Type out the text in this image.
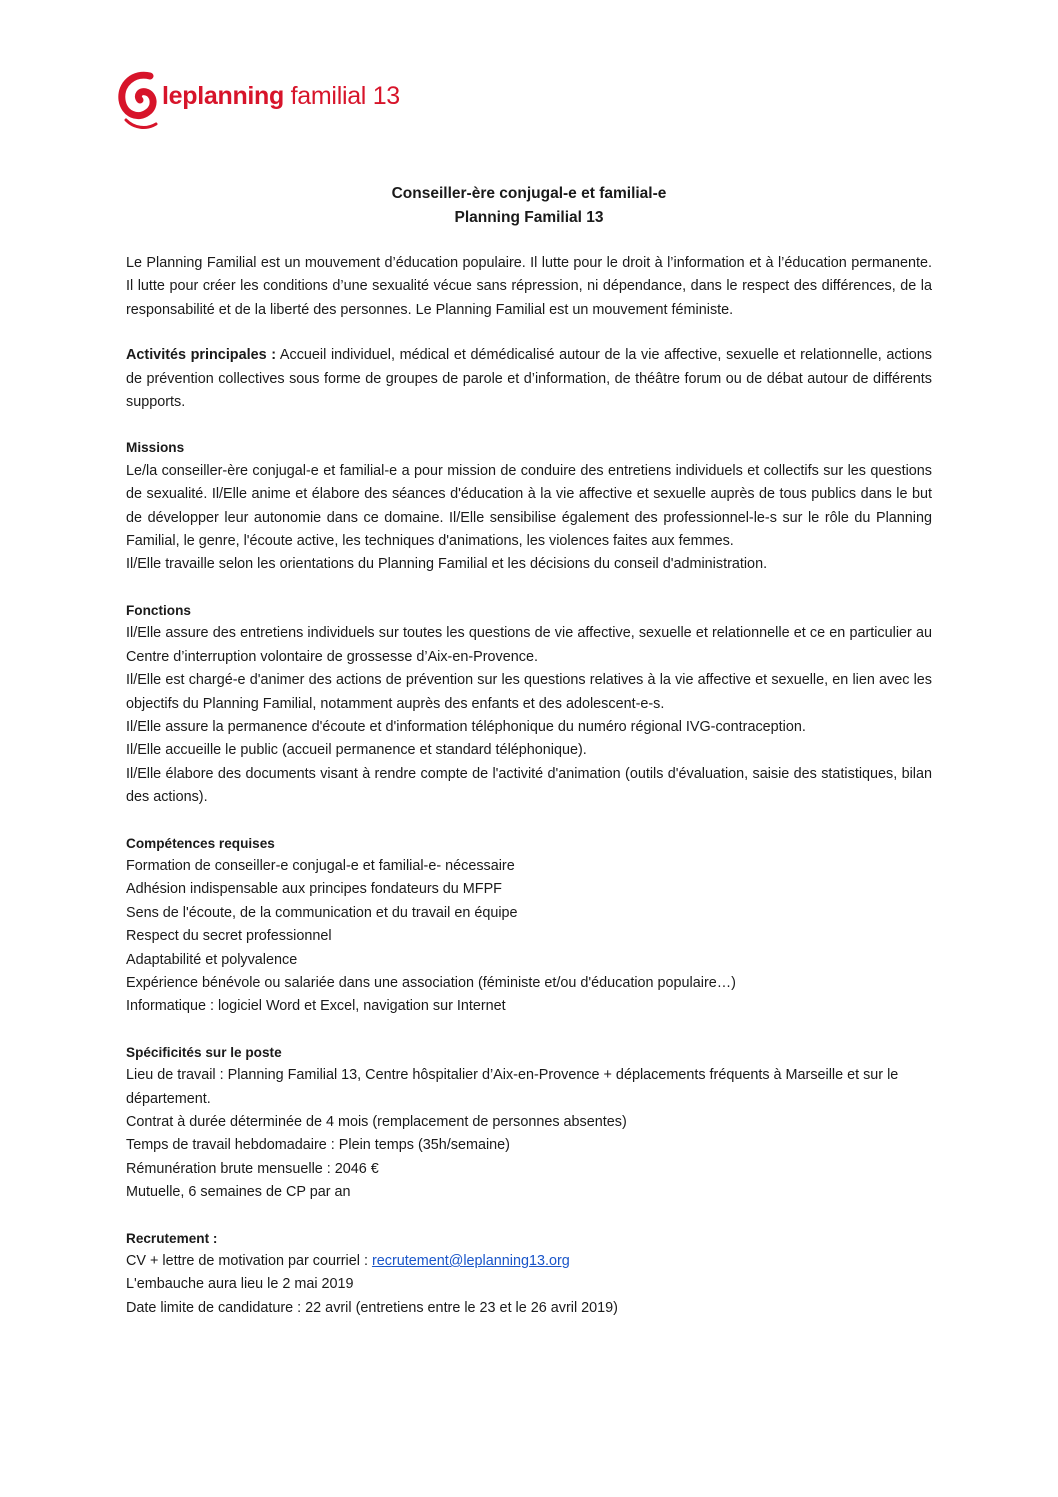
leplanning familial 13

Conseiller-ère conjugal-e et familial-e

Planning Familial 13

Le Planning Familial est un mouvement d’éducation populaire. Il lutte pour le droit à l’information et à l’éducation permanente. Il lutte pour créer les conditions d’une sexualité vécue sans répression, ni dépendance, dans le respect des différences, de la responsabilité et de la liberté des personnes. Le Planning Familial est un mouvement féministe.

Activités principales : Accueil individuel, médical et démédicalisé autour de la vie affective, sexuelle et relationnelle, actions de prévention collectives sous forme de groupes de parole et d’information, de théâtre forum ou de débat autour de différents supports.

Missions

Le/la conseiller-ère conjugal-e et familial-e a pour mission de conduire des entretiens individuels et collectifs sur les questions de sexualité. Il/Elle anime et élabore des séances d'éducation à la vie affective et sexuelle auprès de tous publics dans le but de développer leur autonomie dans ce domaine. Il/Elle sensibilise également des professionnel-le-s sur le rôle du Planning Familial, le genre, l'écoute active, les techniques d'animations, les violences faites aux femmes.

Il/Elle travaille selon les orientations du Planning Familial et les décisions du conseil d'administration.

Fonctions

Il/Elle assure des entretiens individuels sur toutes les questions de vie affective, sexuelle et relationnelle et ce en particulier au Centre d’interruption volontaire de grossesse d’Aix-en-Provence.

Il/Elle est chargé-e d'animer des actions de prévention sur les questions relatives à la vie affective et sexuelle, en lien avec les objectifs du Planning Familial, notamment auprès des enfants et des adolescent-e-s.

Il/Elle assure la permanence d'écoute et d'information téléphonique du numéro régional IVG-contraception.

Il/Elle accueille le public (accueil permanence et standard téléphonique).

Il/Elle élabore des documents visant à rendre compte de l'activité d'animation (outils d'évaluation, saisie des statistiques, bilan des actions).

Compétences requises

Formation de conseiller-e conjugal-e et familial-e- nécessaire

Adhésion indispensable aux principes fondateurs du MFPF

Sens de l'écoute, de la communication et du travail en équipe

Respect du secret professionnel

Adaptabilité et polyvalence

Expérience bénévole ou salariée dans une association (féministe et/ou d'éducation populaire…)

Informatique : logiciel Word et Excel, navigation sur Internet

Spécificités sur le poste

Lieu de travail : Planning Familial 13, Centre hôspitalier d’Aix-en-Provence + déplacements fréquents à Marseille et sur le département.

Contrat à durée déterminée de 4 mois (remplacement de personnes absentes)

Temps de travail hebdomadaire : Plein temps (35h/semaine)

Rémunération brute mensuelle : 2046 €

Mutuelle, 6 semaines de CP par an

Recrutement :

CV + lettre de motivation par courriel : recrutement@leplanning13.org

L'embauche aura lieu le 2 mai 2019

Date limite de candidature : 22 avril (entretiens entre le 23 et le 26 avril 2019)
